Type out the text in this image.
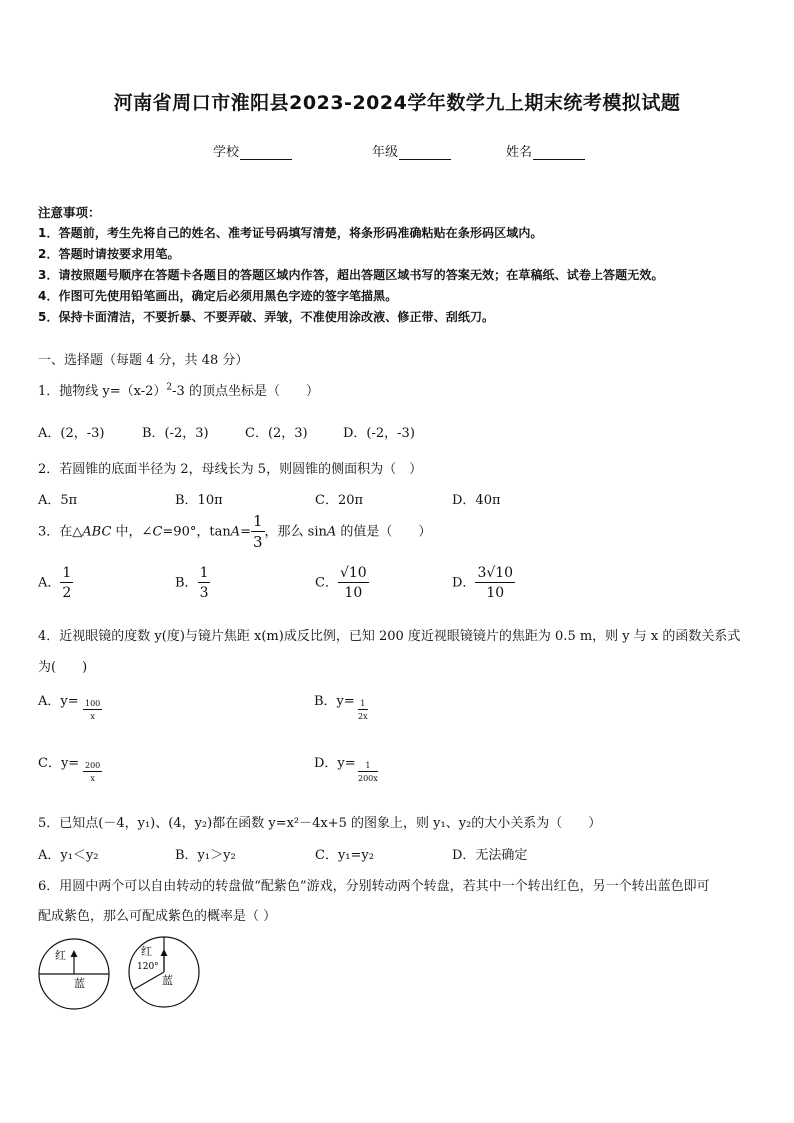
河南省周口市淮阳县2023-2024学年数学九上期末统考模拟试题
学校	年级	姓名
注意事项：
1．答题前，考生先将自己的姓名、准考证号码填写清楚，将条形码准确粘贴在条形码区域内。
2．答题时请按要求用笔。
3．请按照题号顺序在答题卡各题目的答题区域内作答，超出答题区域书写的答案无效；在草稿纸、试卷上答题无效。
4．作图可先使用铅笔画出，确定后必须用黑色字迹的签字笔描黑。
5．保持卡面清洁，不要折暴、不要弄破、弄皱，不准使用涂改液、修正带、刮纸刀。
一、选择题（每题 4 分，共 48 分）
1．抛物线 $y=(x-2)^2-3$ 的顶点坐标是（　　）
A．(2，-3)	B．(-2，3)	C．(2，3)	D．(-2，-3)
2．若圆锥的底面半径为 2，母线长为 5，则圆锥的侧面积为（　）
A．5π	B．10π	C．20π	D．40π
3．在△ABC 中，∠C=90°，$\tan A= \frac{1}{3}$ ，那么 sinA 的值是（　　）
A． $\frac{1}{2}$	B． $\frac{1}{3}$	C． $\frac{√10}{10}$	D． $\frac{3√10}{10}$
4．近视眼镜的度数 y(度)与镜片焦距 x(m)成反比例，已知 200 度近视眼镜镜片的焦距为 0.5 m，则 y 与 x 的函数关系式
为(　　)
A．$y= \frac{100}{x}$	B．$y= \frac{1}{2x}$
C．$y= \frac{200}{x}$	D．$y= \frac{1}{200x}$
5．已知点(－4，y₁)、(4，y₂)都在函数 y=x²－4x+5 的图象上，则 y₁、y₂的大小关系为（　　）
A．y₁＜y₂	B．y₁＞y₂	C．y₁=y₂	D．无法确定
6．用圆中两个可以自由转动的转盘做“配紫色”游戏，分别转动两个转盘，若其中一个转出红色，另一个转出蓝色即可
配成紫色，那么可配成紫色的概率是（ ）
红
蓝
红
120°
蓝
